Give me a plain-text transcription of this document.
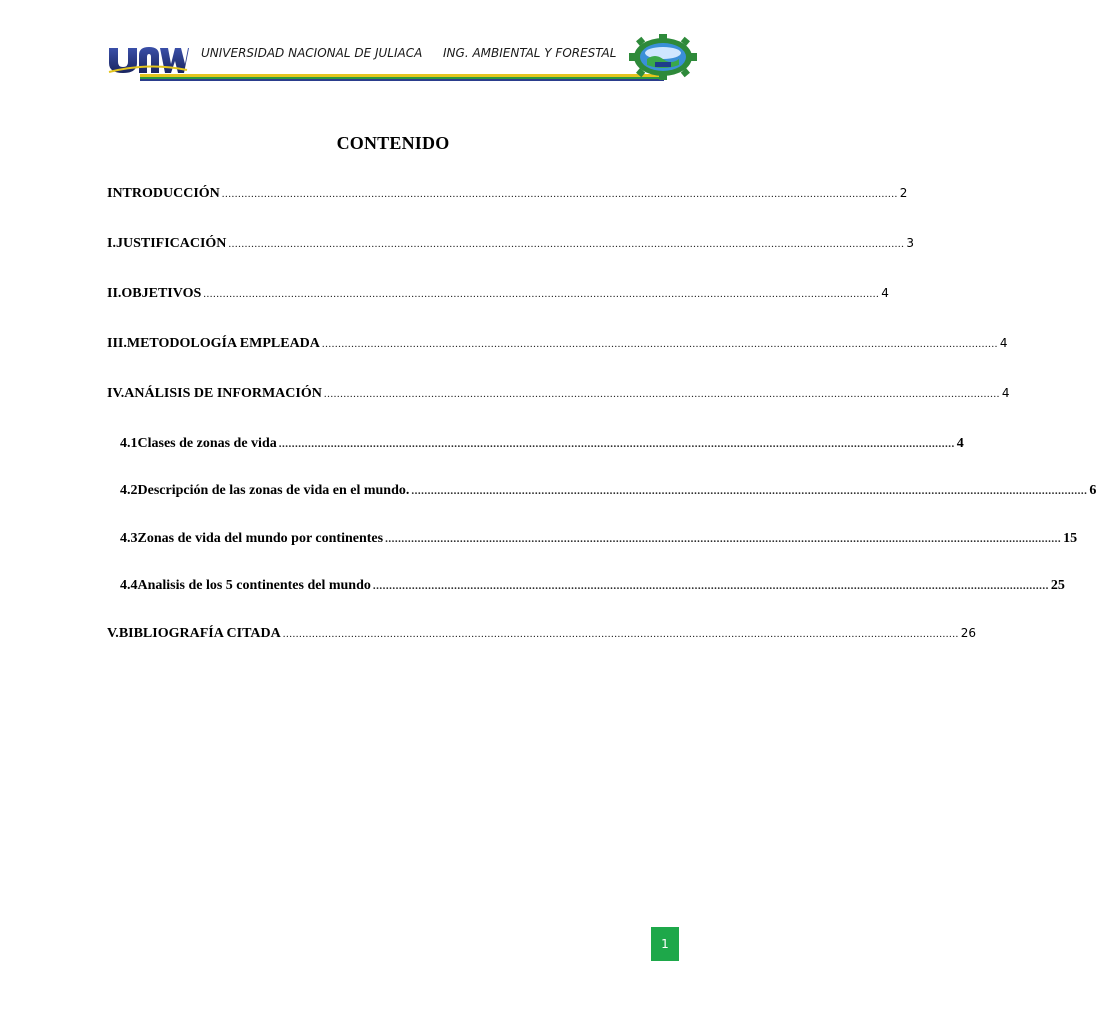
UNIVERSIDAD NACIONAL DE JULIACA ING. AMBIENTAL Y FORESTAL
CONTENIDO
INTRODUCCIÓN ................................................................................................................................................................................................................ 2
I. JUSTIFICACIÓN ................................................................................................................................................................................................................ 3
II. OBJETIVOS ................................................................................................................................................................................................................ 4
III. METODOLOGÍA EMPLEADA ................................................................................................................................................................................................................ 4
IV. ANÁLISIS DE INFORMACIÓN ................................................................................................................................................................................................................ 4
4.1 Clases de zonas de vida ................................................................................................................................................................................................................ 4
4.2 Descripción de las zonas de vida en el mundo. ................................................................................................................................................................................................................ 6
4.3 Zonas de vida del mundo por continentes ................................................................................................................................................................................................................ 15
4.4 Analisis de los 5 continentes del mundo ................................................................................................................................................................................................................ 25
V. BIBLIOGRAFÍA CITADA ................................................................................................................................................................................................................ 26
1
